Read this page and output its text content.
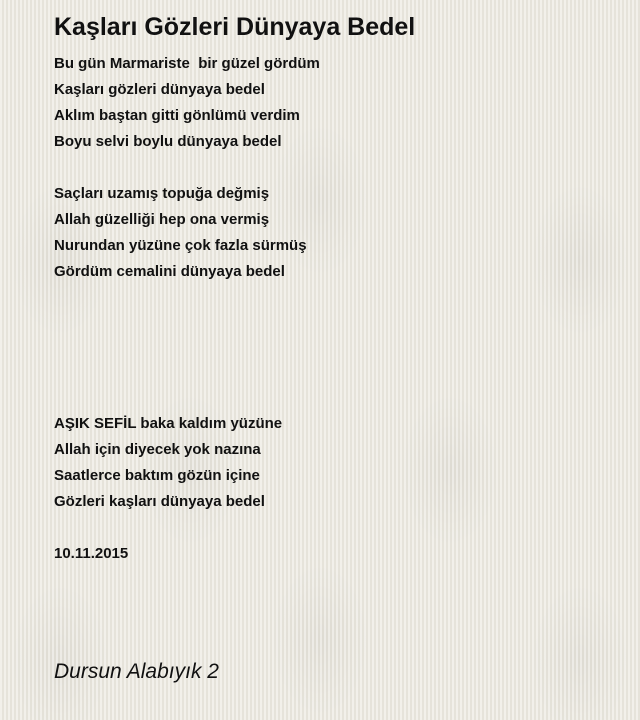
Kaşları Gözleri Dünyaya Bedel
Bu gün Marmariste  bir güzel gördüm
Kaşları gözleri dünyaya bedel
Aklım baştan gitti gönlümü verdim
Boyu selvi boylu dünyaya bedel
Saçları uzamış topuğa değmiş
Allah güzelliği hep ona vermiş
Nurundan yüzüne çok fazla sürmüş
Gördüm cemalini dünyaya bedel
AŞIK SEFİL baka kaldım yüzüne
Allah için diyecek yok nazına
Saatlerce baktım gözün içine
Gözleri kaşları dünyaya bedel
10.11.2015
Dursun Alabıyık 2
